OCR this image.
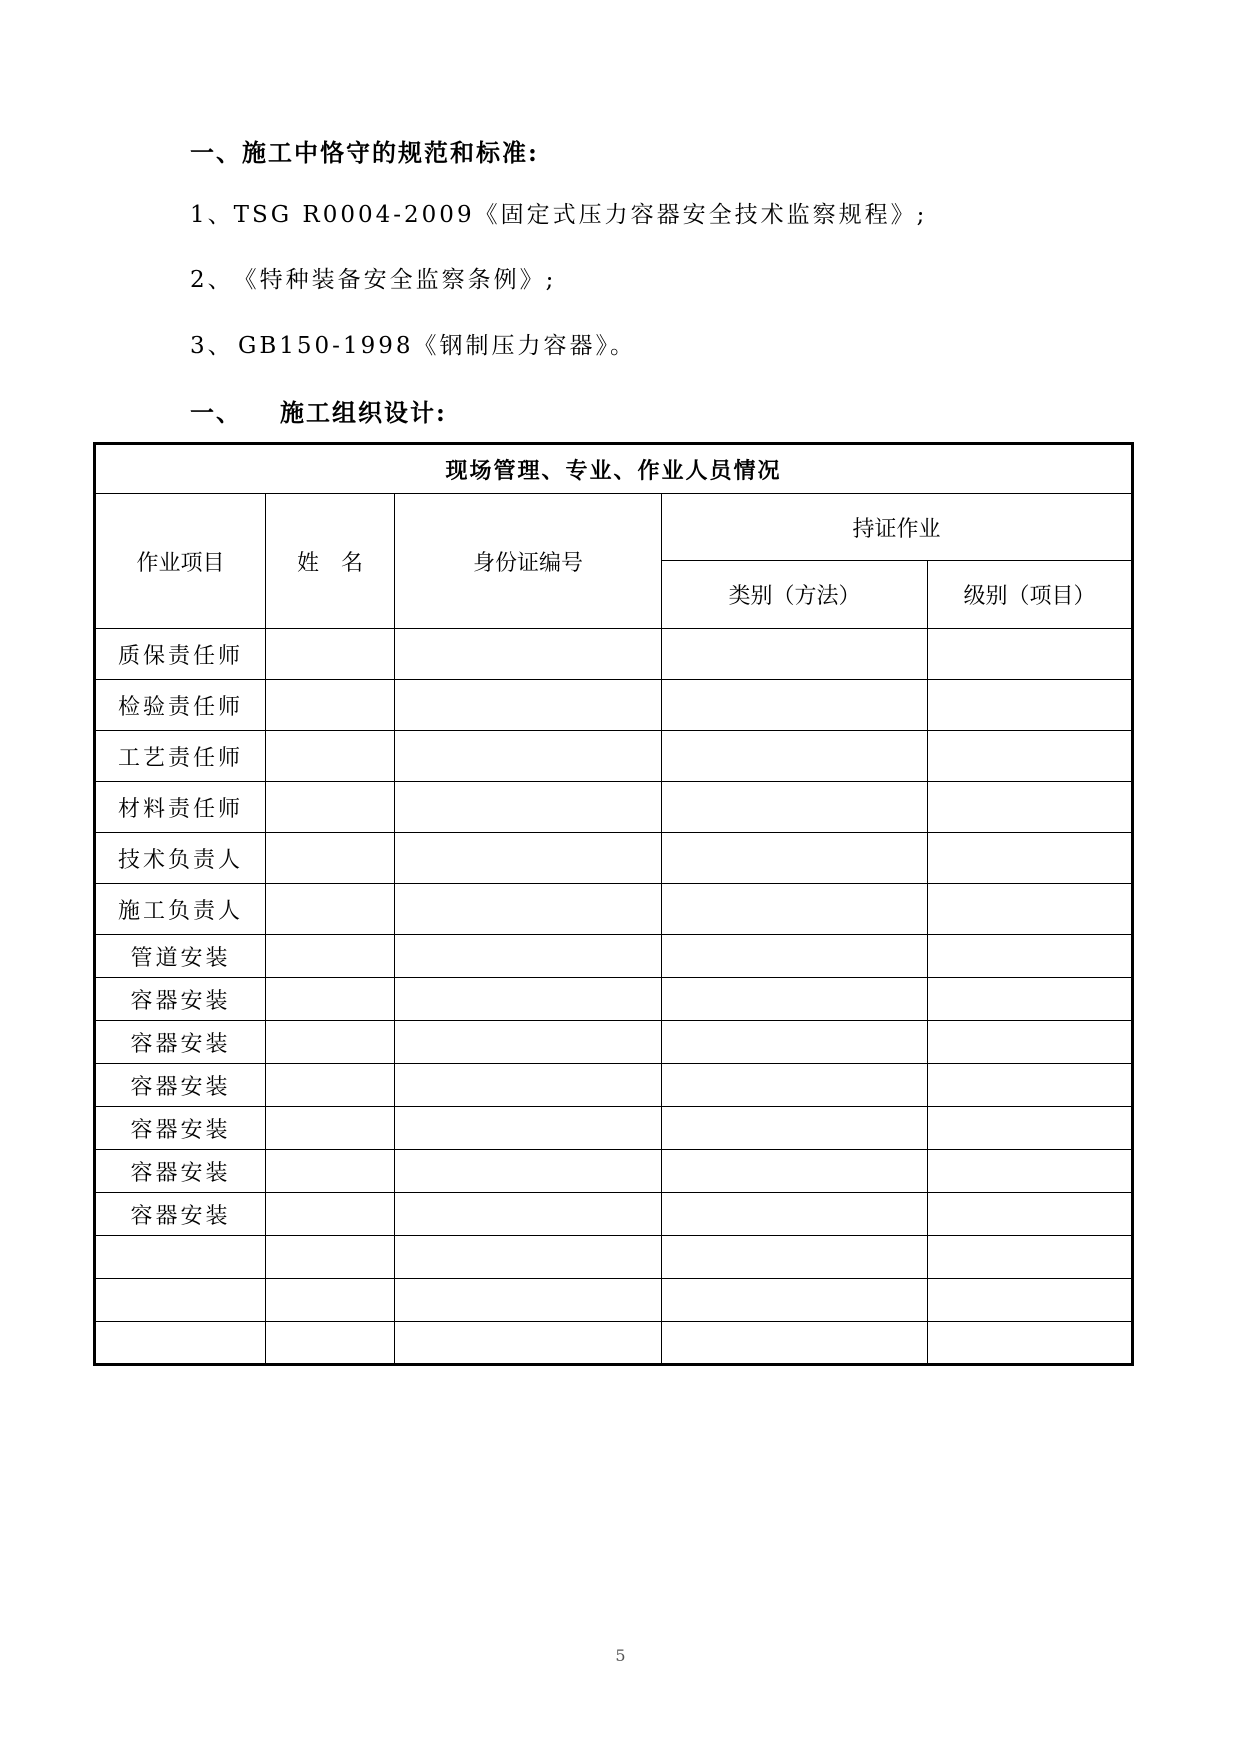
一、施工中恪守的规范和标准:
1、TSG R0004-2009《固定式压力容器安全技术监察规程》;
2、《特种装备安全监察条例》;
3、 GB150-1998《钢制压力容器》。
一、 施工组织设计:
现场管理、专业、作业人员情况				
作业项目	姓　名	身份证编号	持证作业	
			类别（方法）	级别（项目）
质保责任师				
检验责任师				
工艺责任师				
材料责任师				
技术负责人				
施工负责人				
管道安装				
容器安装				
容器安装				
容器安装				
容器安装				
容器安装				
容器安装				

5
